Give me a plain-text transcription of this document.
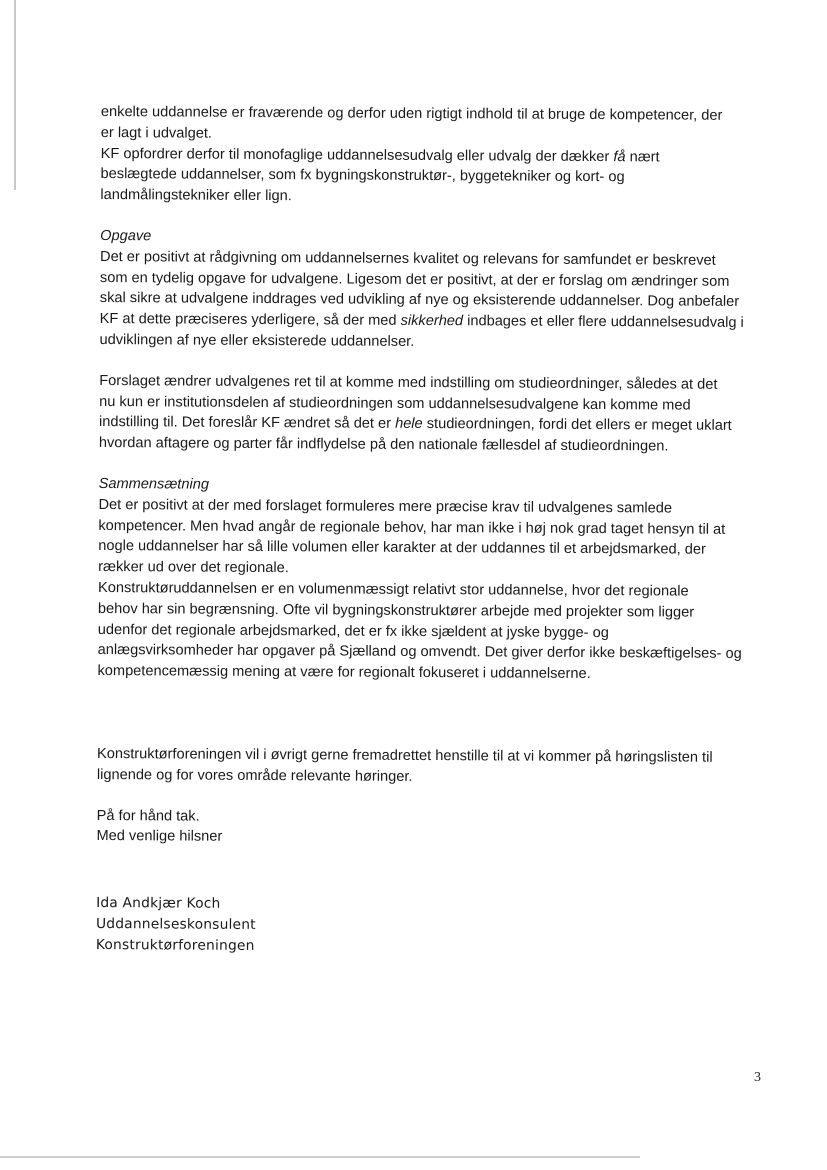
enkelte uddannelse er fraværende og derfor uden rigtigt indhold til at bruge de kompetencer, der
er lagt i udvalget.
KF opfordrer derfor til monofaglige uddannelsesudvalg eller udvalg der dækker få nært
beslægtede uddannelser, som fx bygningskonstruktør-, byggetekniker og kort- og
landmålingstekniker eller lign.
Opgave
Det er positivt at rådgivning om uddannelsernes kvalitet og relevans for samfundet er beskrevet
som en tydelig opgave for udvalgene. Ligesom det er positivt, at der er forslag om ændringer som
skal sikre at udvalgene inddrages ved udvikling af nye og eksisterende uddannelser. Dog anbefaler
KF at dette præciseres yderligere, så der med sikkerhed indbages et eller flere uddannelsesudvalg i
udviklingen af nye eller eksisterede uddannelser.
Forslaget ændrer udvalgenes ret til at komme med indstilling om studieordninger, således at det
nu kun er institutionsdelen af studieordningen som uddannelsesudvalgene kan komme med
indstilling til. Det foreslår KF ændret så det er hele studieordningen, fordi det ellers er meget uklart
hvordan aftagere og parter får indflydelse på den nationale fællesdel af studieordningen.
Sammensætning
Det er positivt at der med forslaget formuleres mere præcise krav til udvalgenes samlede
kompetencer. Men hvad angår de regionale behov, har man ikke i høj nok grad taget hensyn til at
nogle uddannelser har så lille volumen eller karakter at der uddannes til et arbejdsmarked, der
rækker ud over det regionale.
Konstruktøruddannelsen er en volumenmæssigt relativt stor uddannelse, hvor det regionale
behov har sin begrænsning. Ofte vil bygningskonstruktører arbejde med projekter som ligger
udenfor det regionale arbejdsmarked, det er fx ikke sjældent at jyske bygge- og
anlægsvirksomheder har opgaver på Sjælland og omvendt. Det giver derfor ikke beskæftigelses- og
kompetencemæssig mening at være for regionalt fokuseret i uddannelserne.
Konstruktørforeningen vil i øvrigt gerne fremadrettet henstille til at vi kommer på høringslisten til
lignende og for vores område relevante høringer.
På for hånd tak.
Med venlige hilsner
Ida Andkjær Koch
Uddannelseskonsulent
Konstruktørforeningen
3
